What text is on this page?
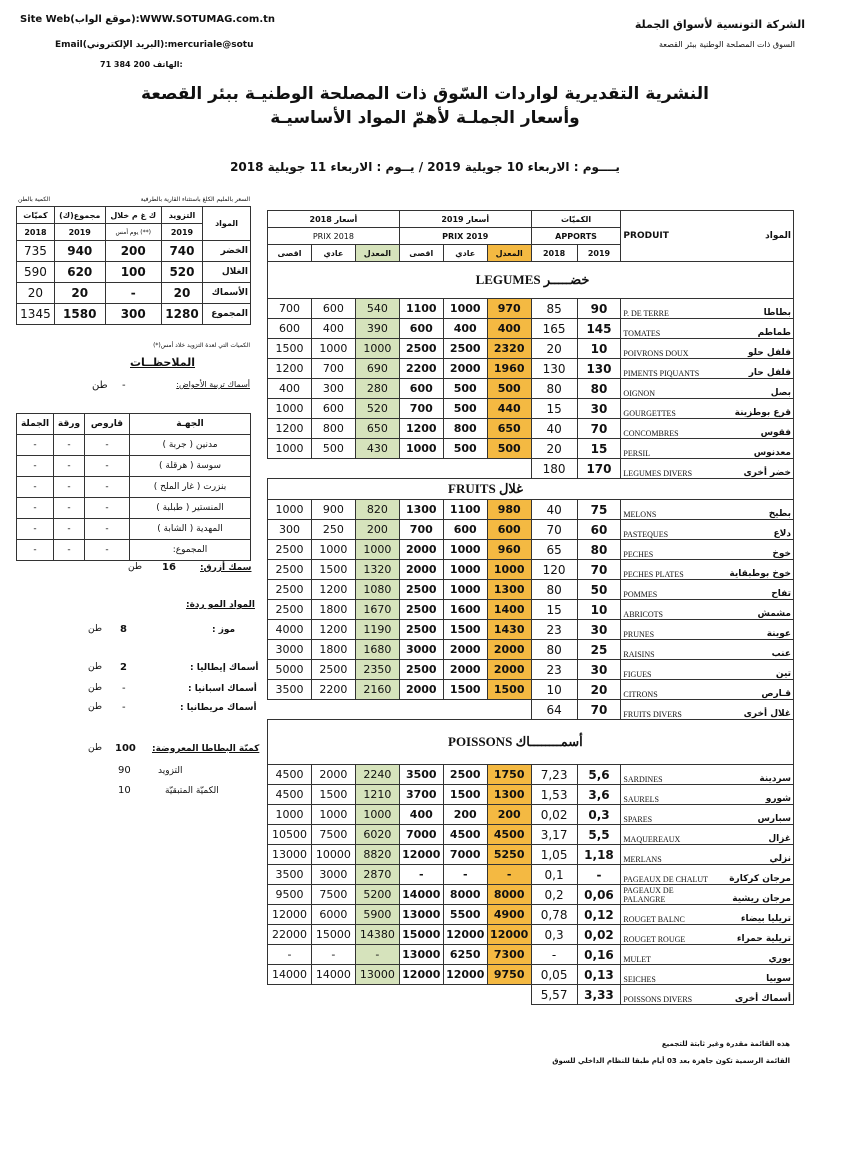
Site Web(موقع الواب):WWW.SOTUMAG.com.tn
Email(البريد الإلكتروني):mercuriale@sotu
71 384 200 الهاتف:
الشركة التونسية لأسواق الجملة
السوق ذات المصلحة الوطنية ببئر القصعة
النشرية التقديرية لواردات السّوق ذات المصلحة الوطنيـة ببئر القصعة
وأسعار الجملـة لأهمّ المواد الأساسيـة
يــــوم : الاربعاء 10 جويلية 2019 / يــوم : الاربعاء 11 جويلية 2018
الكمية بالطن	السعر بالمليم الكلغ باستثناء القارية بالطرفية
كميّات	مجموع(ك)	ك غ م خلال	التزويد	المواد
2018	2019	يوم أمس (**)	2019	
735	940	200	740	الخضر
590	620	100	520	الغلال
20	20	-	20	الأسماك
1345	1580	300	1280	المجموع
الكميات التي لعدة التزويد خلاد أمس(*)
الملاحظــات
أسماك تربية الأحواض:
-
طن
الجملة	ورقة	قاروص	الجهـة
-	-	-	مدنين ( جربة )
-	-	-	سوسة ( هرقلة )
-	-	-	بنزرت ( غار الملح )
-	-	-	المنستير ( طبلبة )
-	-	-	المهدية ( الشابة )
-	-	-	المجموع:
سمك أزرق:
16
طن
المواد المو ردة:
موز :
8
طن
أسماك إيطاليا :
2
طن
أسماك اسبانيا :
-
طن
أسماك مريطانيا :
-
طن
كميّة البطاطا المعروضة:
100
طن
التزويد
90
الكميّة المتبقيّة
10
أسعار 2018			أسعار 2019			الكميّات		PRODUIT	المواد
PRIX 2018			PRIX 2019			APPORTS			
اقصى	عادي	المعدل	اقصى	عادي	المعدل	2018	2019		
LEGUMES خضـــــر									
700	600	540	1100	1000	970	85	90	P. DE TERRE	بطاطا
600	400	390	600	400	400	165	145	TOMATES	طماطم
1500	1000	1000	2500	2500	2320	20	10	POIVRONS DOUX	فلفل حلو
1200	700	690	2200	2000	1960	130	130	PIMENTS PIQUANTS	فلفل حار
400	300	280	600	500	500	80	80	OIGNON	بصل
1000	600	520	700	500	440	15	30	GOURGETTES	قرع بوطزينة
1200	800	650	1200	800	650	40	70	CONCOMBRES	فقوس
1000	500	430	1000	500	500	20	15	PERSIL	معدنوس
						180	170	LEGUMES DIVERS	خضر أخرى
FRUITS غلال									
1000	900	820	1300	1100	980	40	75	MELONS	بطيخ
300	250	200	700	600	600	70	60	PASTEQUES	دلاع
2500	1000	1000	2000	1000	960	65	80	PECHES	خوخ
2500	1500	1320	2000	1000	1000	120	70	PECHES PLATES	خوخ بوطبقاية
2500	1200	1080	2500	1000	1300	80	50	POMMES	تفاح
2500	1800	1670	2500	1600	1400	15	10	ABRICOTS	مشمش
4000	1200	1190	2500	1500	1430	23	30	PRUNES	عوينة
3000	1800	1680	3000	2000	2000	80	25	RAISINS	عنب
5000	2500	2350	2500	2000	2000	23	30	FIGUES	تين
3500	2200	2160	2000	1500	1500	10	20	CITRONS	قـارص
						64	70	FRUITS DIVERS	غلال أخرى
POISSONS أسمــــــــاك									
4500	2000	2240	3500	2500	1750	7,23	5,6	SARDINES	سردينة
4500	1500	1210	3700	1500	1300	1,53	3,6	SAURELS	شورو
1000	1000	1000	400	200	200	0,02	0,3	SPARES	سبارس
10500	7500	6020	7000	4500	4500	3,17	5,5	MAQUEREAUX	غزال
13000	10000	8820	12000	7000	5250	1,05	1,18	MERLANS	نزلي
3500	3000	2870	-	-	-	0,1	-	PAGEAUX DE CHALUT	مرجان كركارة
9500	7500	5200	14000	8000	8000	0,2	0,06	PAGEAUX DE PALANGRE	مرجان ريشية
12000	6000	5900	13000	5500	4900	0,78	0,12	ROUGET BALNC	تريليا بيضاء
22000	15000	14380	15000	12000	12000	0,3	0,02	ROUGET ROUGE	تريلية حمراء
-	-	-	13000	6250	7300	-	0,16	MULET	بوري
14000	14000	13000	12000	12000	9750	0,05	0,13	SEICHES	سوبيا
						5,57	3,33	POISSONS DIVERS	أسماك أخرى
هذه القائمة مقدرة وغير ثابتة للتجميع
القائمة الرسمية تكون جاهزة بعد 03 أيام طبقا للنظام الداخلي للسوق
